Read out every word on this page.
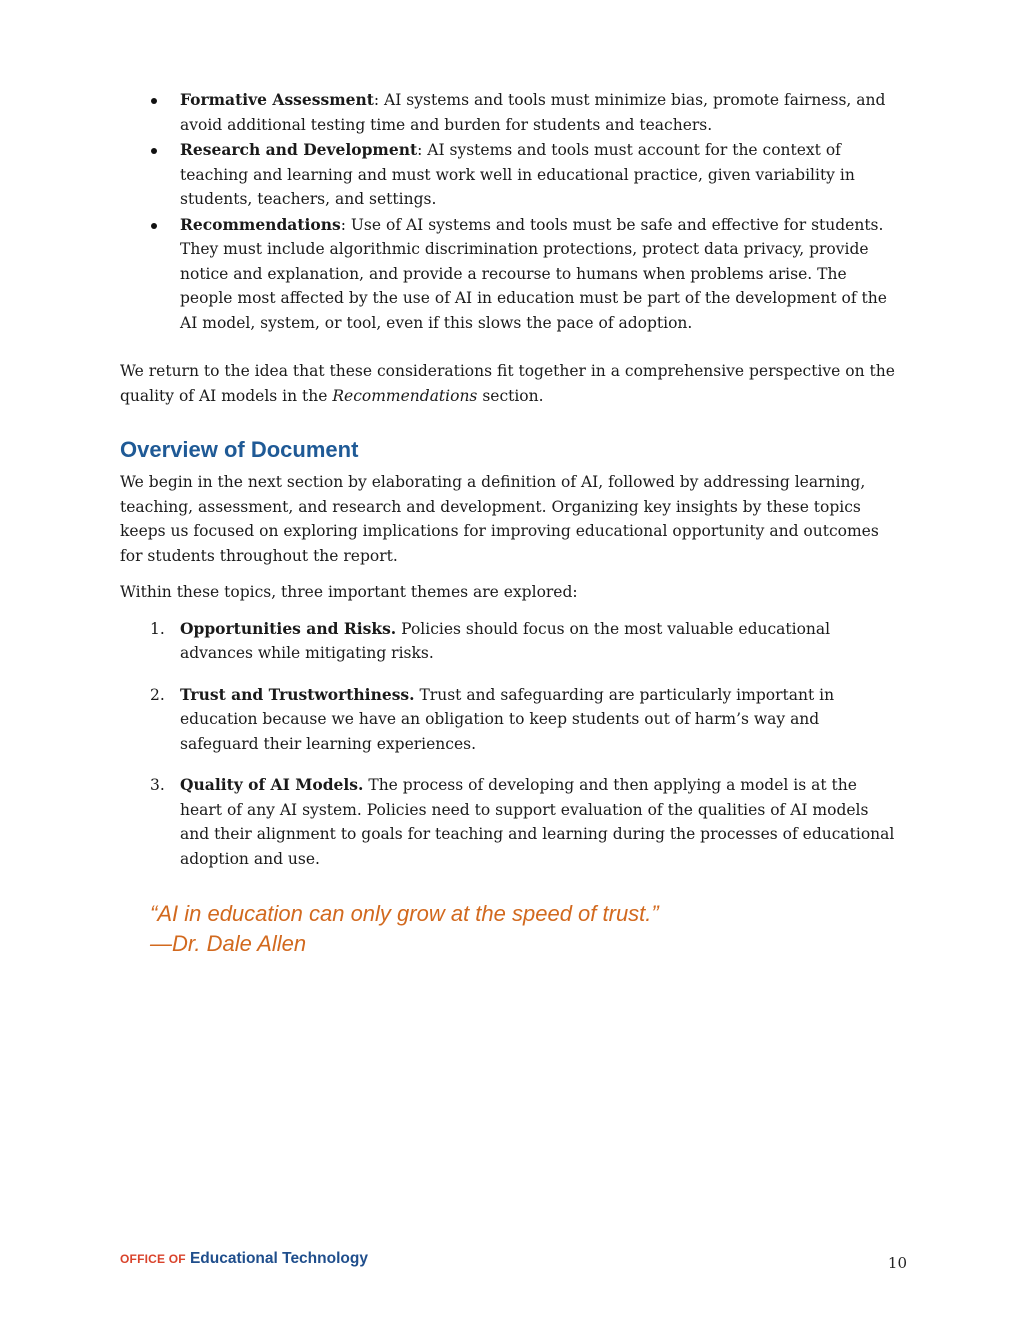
Formative Assessment: AI systems and tools must minimize bias, promote fairness, and avoid additional testing time and burden for students and teachers.
Research and Development: AI systems and tools must account for the context of teaching and learning and must work well in educational practice, given variability in students, teachers, and settings.
Recommendations: Use of AI systems and tools must be safe and effective for students. They must include algorithmic discrimination protections, protect data privacy, provide notice and explanation, and provide a recourse to humans when problems arise. The people most affected by the use of AI in education must be part of the development of the AI model, system, or tool, even if this slows the pace of adoption.

We return to the idea that these considerations fit together in a comprehensive perspective on the quality of AI models in the Recommendations section.

Overview of Document

We begin in the next section by elaborating a definition of AI, followed by addressing learning, teaching, assessment, and research and development. Organizing key insights by these topics keeps us focused on exploring implications for improving educational opportunity and outcomes for students throughout the report.

Within these topics, three important themes are explored:

1. Opportunities and Risks. Policies should focus on the most valuable educational advances while mitigating risks.
2. Trust and Trustworthiness. Trust and safeguarding are particularly important in education because we have an obligation to keep students out of harm’s way and safeguard their learning experiences.
3. Quality of AI Models. The process of developing and then applying a model is at the heart of any AI system. Policies need to support evaluation of the qualities of AI models and their alignment to goals for teaching and learning during the processes of educational adoption and use.
“AI in education can only grow at the speed of trust.”
—Dr. Dale Allen
OFFICE OF Educational Technology	10
